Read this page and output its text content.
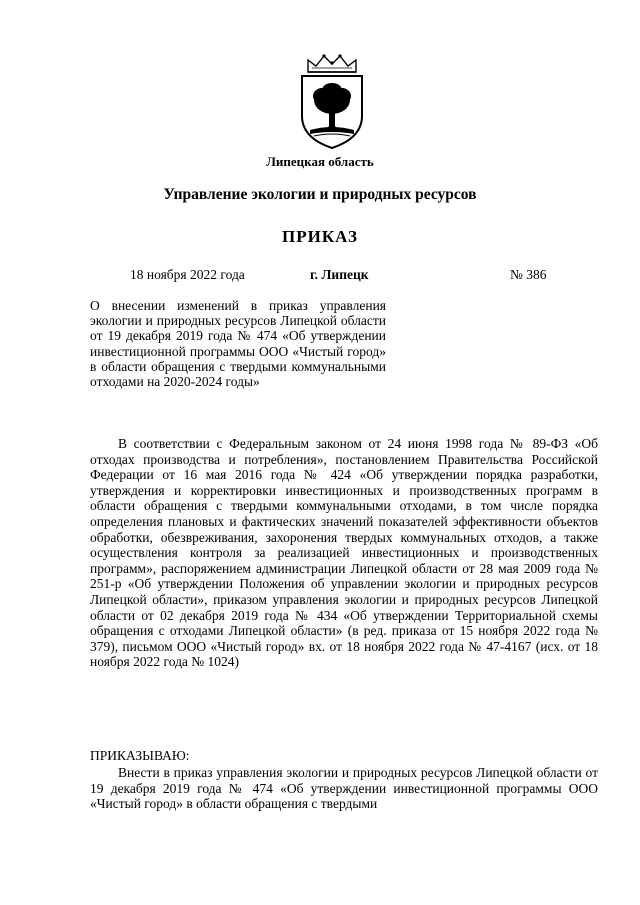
Липецкая область
Управление экологии и природных ресурсов
ПРИКАЗ
18 ноября 2022 года	г. Липецк	№ 386
О внесении изменений в приказ управления экологии и природных ресурсов Липецкой области от 19 декабря 2019 года № 474 «Об утверждении инвестиционной программы ООО «Чистый город» в области обращения с твердыми коммунальными отходами на 2020-2024 годы»
В соответствии с Федеральным законом от 24 июня 1998 года № 89-ФЗ «Об отходах производства и потребления», постановлением Правительства Российской Федерации от 16 мая 2016 года № 424 «Об утверждении порядка разработки, утверждения и корректировки инвестиционных и производственных программ в области обращения с твердыми коммунальными отходами, в том числе порядка определения плановых и фактических значений показателей эффективности объектов обработки, обезвреживания, захоронения твердых коммунальных отходов, а также осуществления контроля за реализацией инвестиционных и производственных программ», распоряжением администрации Липецкой области от 28 мая 2009 года № 251-р «Об утверждении Положения об управлении экологии и природных ресурсов Липецкой области», приказом управления экологии и природных ресурсов Липецкой области от 02 декабря 2019 года № 434 «Об утверждении Территориальной схемы обращения с отходами Липецкой области» (в ред. приказа от 15 ноября 2022 года № 379), письмом ООО «Чистый город» вх. от 18 ноября 2022 года № 47-4167 (исх. от 18 ноября 2022 года № 1024)
ПРИКАЗЫВАЮ:
Внести в приказ управления экологии и природных ресурсов Липецкой области от 19 декабря 2019 года № 474 «Об утверждении инвестиционной программы ООО «Чистый город» в области обращения с твердыми
